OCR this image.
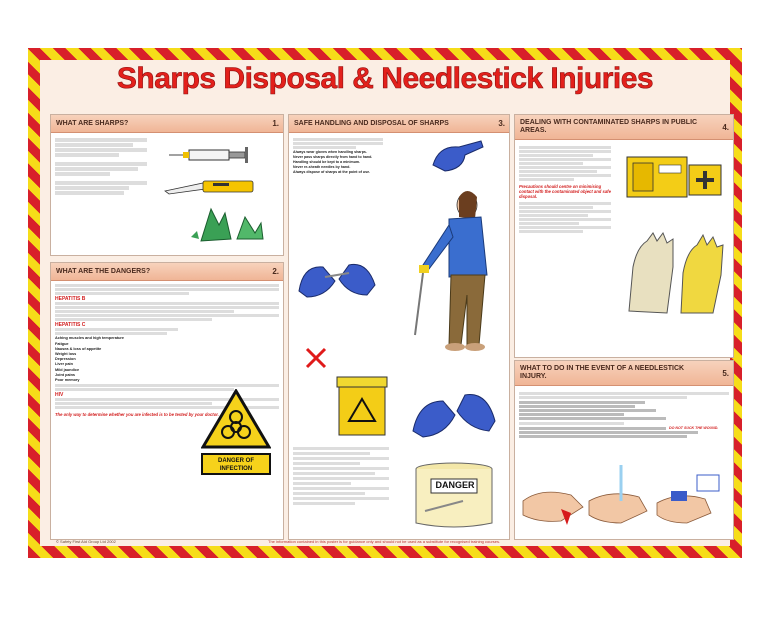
Sharps Disposal & Needlestick Injuries
WHAT ARE SHARPS?	1.
WHAT ARE THE DANGERS?	2.
HEPATITIS B
HEPATITIS C
Aching muscles and high temperature
Fatigue
Nausea & loss of appetite
Weight loss
Depression
Liver pain
Mild jaundice
Joint pains
Poor memory
HIV
The only way to determine whether you are infected is to be tested by your doctor.
DANGER OF INFECTION
SAFE HANDLING AND DISPOSAL OF SHARPS	3.
Always wear gloves when handling sharps.
Never pass sharps directly from hand to hand.
Handling should be kept to a minimum.
Never re-sheath needles by hand.
Always dispose of sharps at the point of use.
DANGER
DEALING WITH CONTAMINATED SHARPS IN PUBLIC AREAS.	4.
Precautions should centre on minimising contact with the contaminated object and safe disposal.
WHAT TO DO IN THE EVENT OF A NEEDLESTICK INJURY.	5.
DO NOT SUCK THE WOUND.
© Safety First Aid Group Ltd 2002	The information contained in this poster is for guidance only and should not be used as a substitute for recognised training courses.
